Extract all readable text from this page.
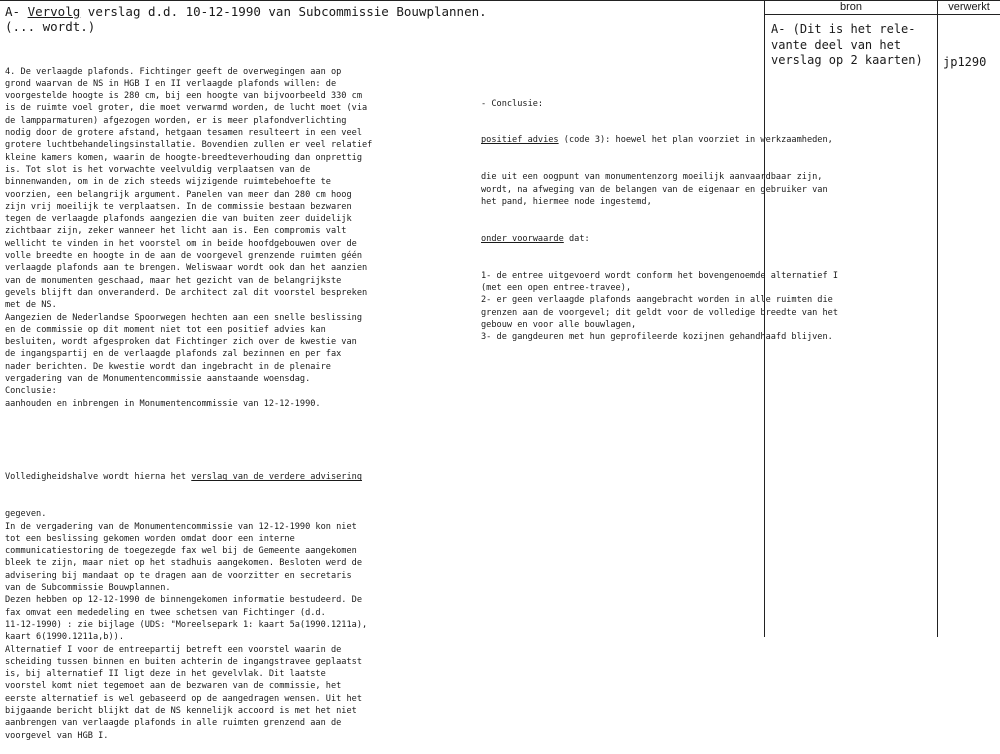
bron	verwerkt
A- Vervolg verslag d.d. 10-12-1990 van Subcommissie Bouwplannen.
(... wordt.)	A- (Dit is het rele-
vante deel van het
verslag op 2 kaarten) jp1290

4. De verlaagde plafonds. Fichtinger geeft de overwegingen aan op
grond waarvan de NS in HGB I en II verlaagde plafonds willen: de
voorgestelde hoogte is 280 cm, bij een hoogte van bijvoorbeeld 330 cm
is de ruimte voel groter, die moet verwarmd worden, de lucht moet (via
de lampparmaturen) afgezogen worden, er is meer plafondverlichting
nodig door de grotere afstand, hetgaan tesamen resulteert in een veel
grotere luchtbehandelingsinstallatie. Bovendien zullen er veel relatief
kleine kamers komen, waarin de hoogte-breedteverhouding dan onprettig
is. Tot slot is het vorwachte veelvuldig verplaatsen van de
binnenwanden, om in de zich steeds wijzigende ruimtebehoefte te
voorzien, een belangrijk argument. Panelen van meer dan 280 cm hoog
zijn vrij moeilijk te verplaatsen. In de commissie bestaan bezwaren
tegen de verlaagde plafonds aangezien die van buiten zeer duidelijk
zichtbaar zijn, zeker wanneer het licht aan is. Een compromis valt
wellicht te vinden in het voorstel om in beide hoofdgebouwen over de
volle breedte en hoogte in de aan de voorgevel grenzende ruimten géén
verlaagde plafonds aan te brengen. Weliswaar wordt ook dan het aanzien
van de monumenten geschaad, maar het gezicht van de belangrijkste
gevels blijft dan onveranderd. De architect zal dit voorstel bespreken
met de NS.
Aangezien de Nederlandse Spoorwegen hechten aan een snelle beslissing
en de commissie op dit moment niet tot een positief advies kan
besluiten, wordt afgesproken dat Fichtinger zich over de kwestie van
de ingangspartij en de verlaagde plafonds zal bezinnen en per fax
nader berichten. De kwestie wordt dan ingebracht in de plenaire
vergadering van de Monumentencommissie aanstaande woensdag.
Conclusie:
aanhouden en inbrengen in Monumentencommissie van 12-12-1990.

Volledigheidshalve wordt hierna het verslag van de verdere advisering

gegeven.
In de vergadering van de Monumentencommissie van 12-12-1990 kon niet
tot een beslissing gekomen worden omdat door een interne
communicatiestoring de toegezegde fax wel bij de Gemeente aangekomen
bleek te zijn, maar niet op het stadhuis aangekomen. Besloten werd de
advisering bij mandaat op te dragen aan de voorzitter en secretaris
van de Subcommissie Bouwplannen.
Dezen hebben op 12-12-1990 de binnengekomen informatie bestudeerd. De
fax omvat een mededeling en twee schetsen van Fichtinger (d.d.
11-12-1990) : zie bijlage (UDS: "Moreelsepark 1: kaart 5a(1990.1211a),
kaart 6(1990.1211a,b)).
Alternatief I voor de entreepartij betreft een voorstel waarin de
scheiding tussen binnen en buiten achterin de ingangstravee geplaatst
is, bij alternatief II ligt deze in het gevelvlak. Dit laatste
voorstel komt niet tegemoet aan de bezwaren van de commissie, het
eerste alternatief is wel gebaseerd op de aangedragen wensen. Uit het
bijgaande bericht blijkt dat de NS kennelijk accoord is met het niet
aanbrengen van verlaagde plafonds in alle ruimten grenzend aan de
voorgevel van HGB I.

- Conclusie:

positief advies (code 3): hoewel het plan voorziet in werkzaamheden,

die uit een oogpunt van monumentenzorg moeilijk aanvaardbaar zijn,
wordt, na afweging van de belangen van de eigenaar en gebruiker van
het pand, hiermee node ingestemd,

onder voorwaarde dat:

1- de entree uitgevoerd wordt conform het bovengenoemde alternatief I
(met een open entree-travee),
2- er geen verlaagde plafonds aangebracht worden in alle ruimten die
grenzen aan de voorgevel; dit geldt voor de volledige breedte van het
gebouw en voor alle bouwlagen,
3- de gangdeuren met hun geprofileerde kozijnen gehandhaafd blijven.
